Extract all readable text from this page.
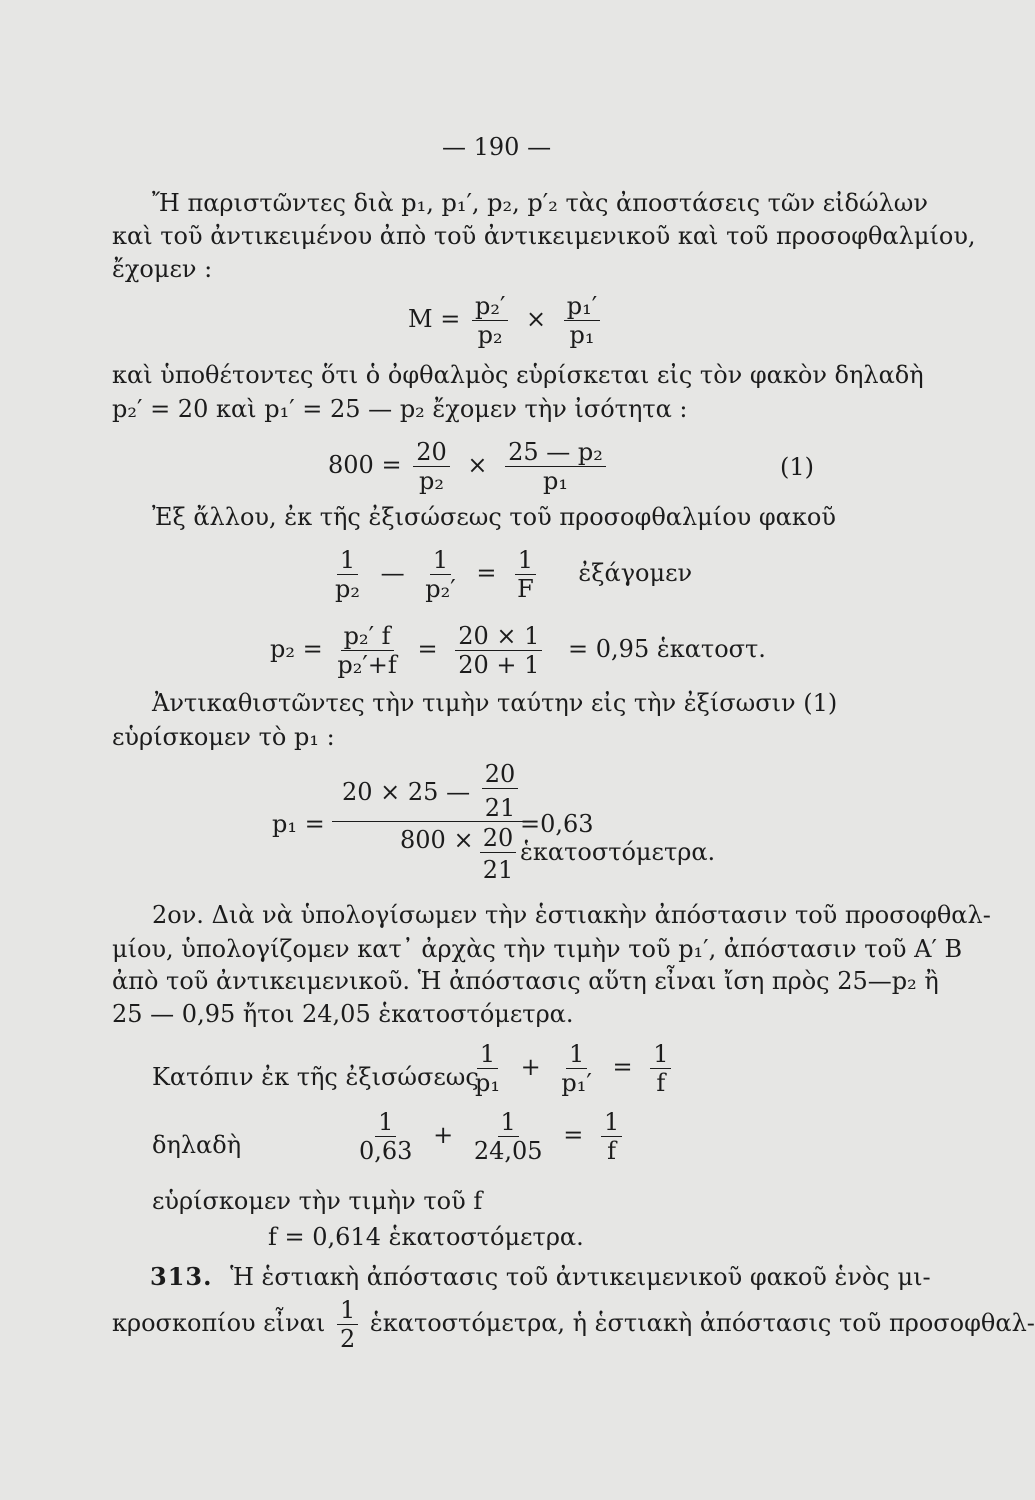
— 190 —
Ἤ παριστῶντες διὰ p₁, p₁′, p₂, p′₂ τὰς ἀποστάσεις τῶν εἰδώλων
καὶ τοῦ ἀντικειμένου ἀπὸ τοῦ ἀντικειμενικοῦ καὶ τοῦ προσοφθαλμίου,
ἔχομεν :
$M = \frac{\text{p₂′}}{\text{p₂}} \times \frac{\text{p₁′}}{\text{p₁}}$
καὶ ὑποθέτοντες ὅτι ὁ ὀφθαλμὸς εὑρίσκεται εἰς τὸν φακὸν δηλαδὴ
p₂′ = 20 καὶ p₁′ = 25 — p₂ ἔχομεν τὴν ἰσότητα :
$800 = \frac{20}{\text{p₂}} \times \frac{\text{25 — p₂}}{\text{p₁}}$	(1)
Ἐξ ἄλλου, ἐκ τῆς ἐξισώσεως τοῦ προσοφθαλμίου φακοῦ
$\frac{1}{\text{p₂}}$ — $\frac{1}{\text{p₂′}} = \frac{1}{F}$ ἐξάγομεν
$p_2 = \frac{\text{p₂′ f}}{\text{p₂′+f}} = \frac{20 \times 1}{20 + 1} = 0,95$ ἑκατοστ.
Ἀντικαθιστῶντες τὴν τιμὴν ταύτην εἰς τὴν ἐξίσωσιν (1)
εὑρίσκομεν τὸ p₁ :
p₁ =
20 × 25 —
20
21
800 × 20
21
=0,63 ἑκατοστόμετρα.
2ον. Διὰ νὰ ὑπολογίσωμεν τὴν ἑστιακὴν ἀπόστασιν τοῦ προσοφθαλ-
μίου, ὑπολογίζομεν κατ᾽ ἀρχὰς τὴν τιμὴν τοῦ p₁′, ἀπόστασιν τοῦ Α′ Β
ἀπὸ τοῦ ἀντικειμενικοῦ. Ἡ ἀπόστασις αὕτη εἶναι ἴση πρὸς 25—p₂ ἢ
25 — 0,95 ἤτοι 24,05 ἑκατοστόμετρα.
Κατόπιν ἐκ τῆς ἐξισώσεως
$\frac{1}{\text{p₁}} + \frac{1}{\text{p₁′}} = \frac{1}{f}$
δηλαδὴ	$\frac{1}{0,63} + \frac{1}{24,05} = \frac{1}{f}$
εὑρίσκομεν τὴν τιμὴν τοῦ f
f = 0,614 ἑκατοστόμετρα.
313. Ἡ ἑστιακὴ ἀπόστασις τοῦ ἀντικειμενικοῦ φακοῦ ἑνὸς μι-
κροσκοπίου εἶναι $\frac{1}{2}$ ἑκατοστόμετρα, ἡ ἑστιακὴ ἀπόστασις τοῦ προσοφθαλ-
